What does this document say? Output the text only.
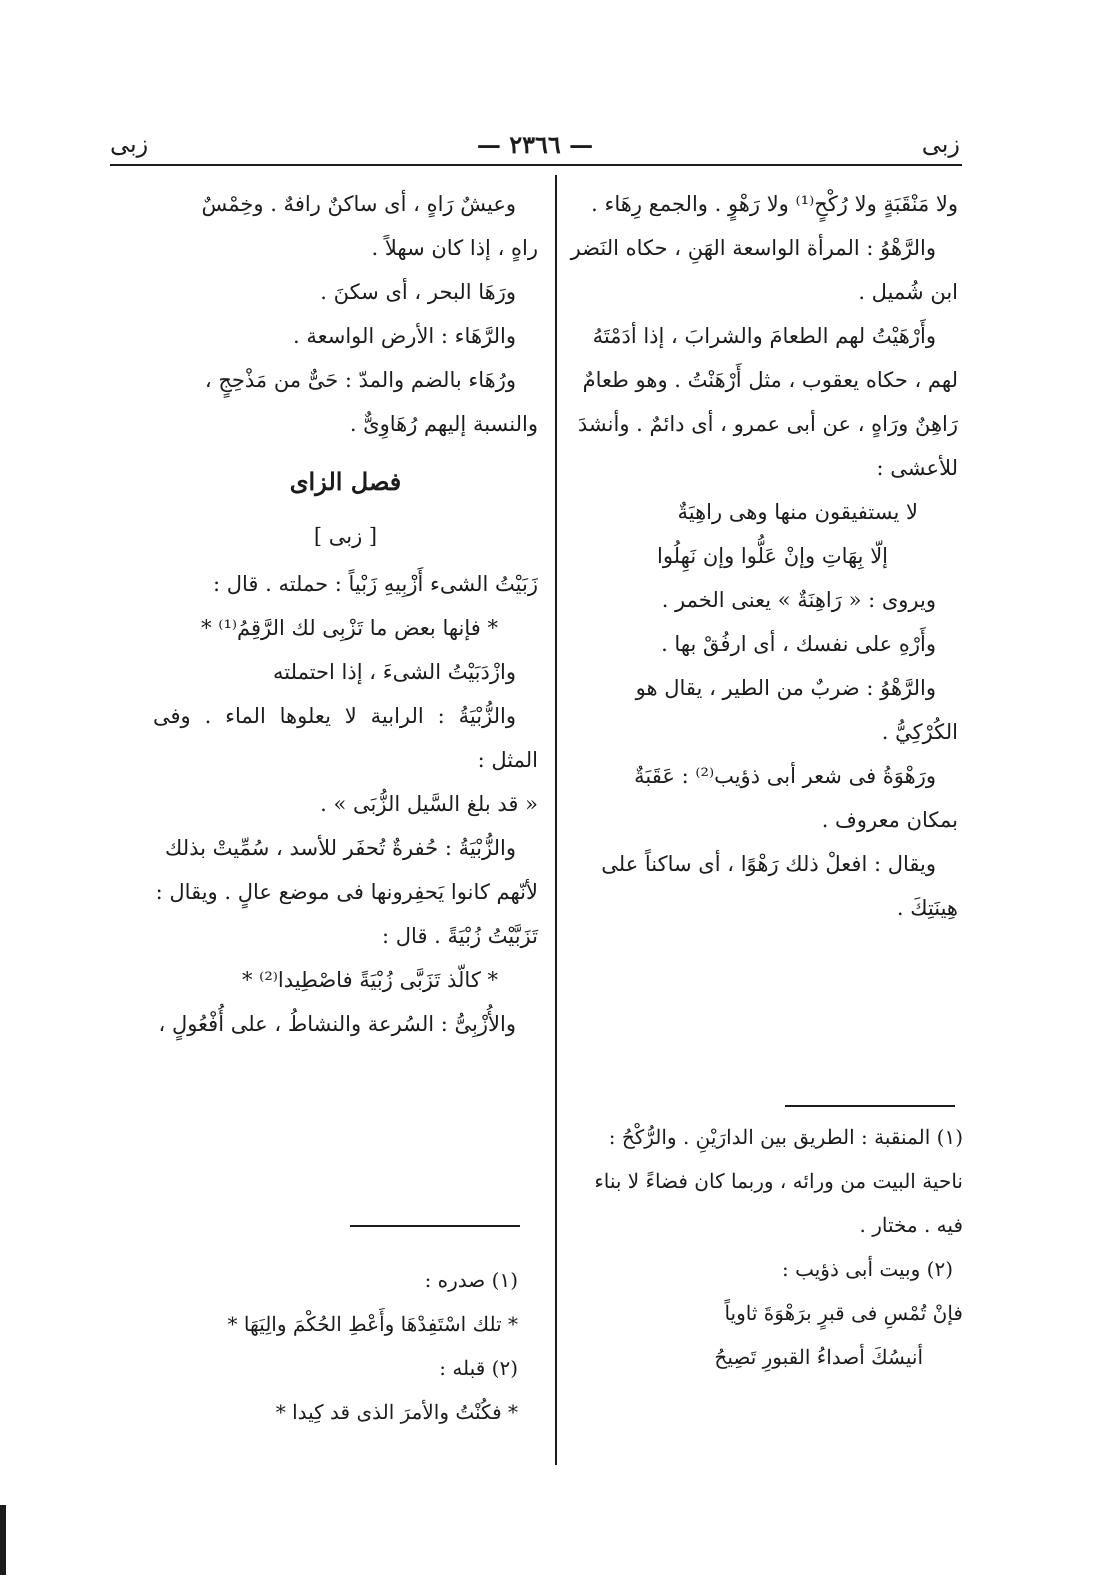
زبى
— ٢٣٦٦ —
زبى

ولا مَنْقَبَةٍ ولا رُكْحٍ⁽¹⁾ ولا رَهْوٍ . والجمع رِهَاء .

والرَّهْوُ : المرأة الواسعة الهَنِ ، حكاه النَضر

ابن شُميل .

وأَرْهَيْتُ لهم الطعامَ والشرابَ ، إذا أدَمْتَهُ

لهم ، حكاه يعقوب ، مثل أَرْهَنْتُ . وهو طعامٌ

رَاهِنٌ ورَاهٍ ، عن أبى عمرو ، أى دائمٌ . وأنشدَ

للأعشى :

لا يستفيقون منها وهى راهِيَةٌ

إلّا بِهَاتِ وإنْ عَلُّوا وإن نَهِلُوا

ويروى : « رَاهِنَةٌ » يعنى الخمر .

وأَرْهِ على نفسك ، أى ارفُقْ بها .

والرَّهْوُ : ضربٌ من الطير ، يقال هو

الكُرْكِيُّ .

ورَهْوَةُ فى شعر أبى ذؤيب⁽²⁾ : عَقَبَةٌ

بمكان معروف .

ويقال : افعلْ ذلك رَهْوًا ، أى ساكناً على

هِينَتِكَ .

وعيشٌ رَاهٍ ، أى ساكنٌ رافهٌ . وخِمْسٌ

راهٍ ، إذا كان سهلاً .

ورَهَا البحر ، أى سكنَ .

والرَّهَاء : الأرض الواسعة .

ورُهَاء بالضم والمدّ : حَىٌّ من مَذْحِجٍ ،

والنسبة إليهم رُهَاوِىٌّ .

فصل الزاى

[ زبى ]

زَبَيْتُ الشىء أَزْبِيهِ زَبْياً : حملته . قال :

* فإنها بعض ما تَزْبِى لك الرَّقِمُ⁽¹⁾ *

وازْدَبَيْتُ الشىءَ ، إذا احتملته

والزُّبْيَةُ : الرابية لا يعلوها الماء . وفى المثل :

« قد بلغ السَّيل الزُّبَى » .

والزُّبْيَةُ : حُفرةٌ تُحفَر للأسد ، سُمِّيتْ بذلك

لأنّهم كانوا يَحفِرونها فى موضع عالٍ . ويقال :

تَزَبَّيْتُ زُبْيَةً . قال :

* كالّذ تَزَبَّى زُبْيَةً فاصْطِيدا⁽²⁾ *

والأُزْبِىُّ : السُرعة والنشاطُ ، على أُفْعُولٍ ،

(١) المنقبة : الطريق بين الدارَيْنِ . والرُّكْحُ :

ناحية البيت من ورائه ، وربما كان فضاءً لا بناء

فيه . مختار .

(٢) وبيت أبى ذؤيب :

فإنْ تُمْسِ فى قبرٍ برَهْوَةَ ثاوياً

أنيسُكَ أصداءُ القبورِ تَصِيحُ

(١) صدره :

* تلك اسْتَفِدْهَا وأَعْطِ الحُكْمَ والِيَهَا *

(٢) قبله :

* فكُنْتُ والأمرَ الذى قد كِيدا *
